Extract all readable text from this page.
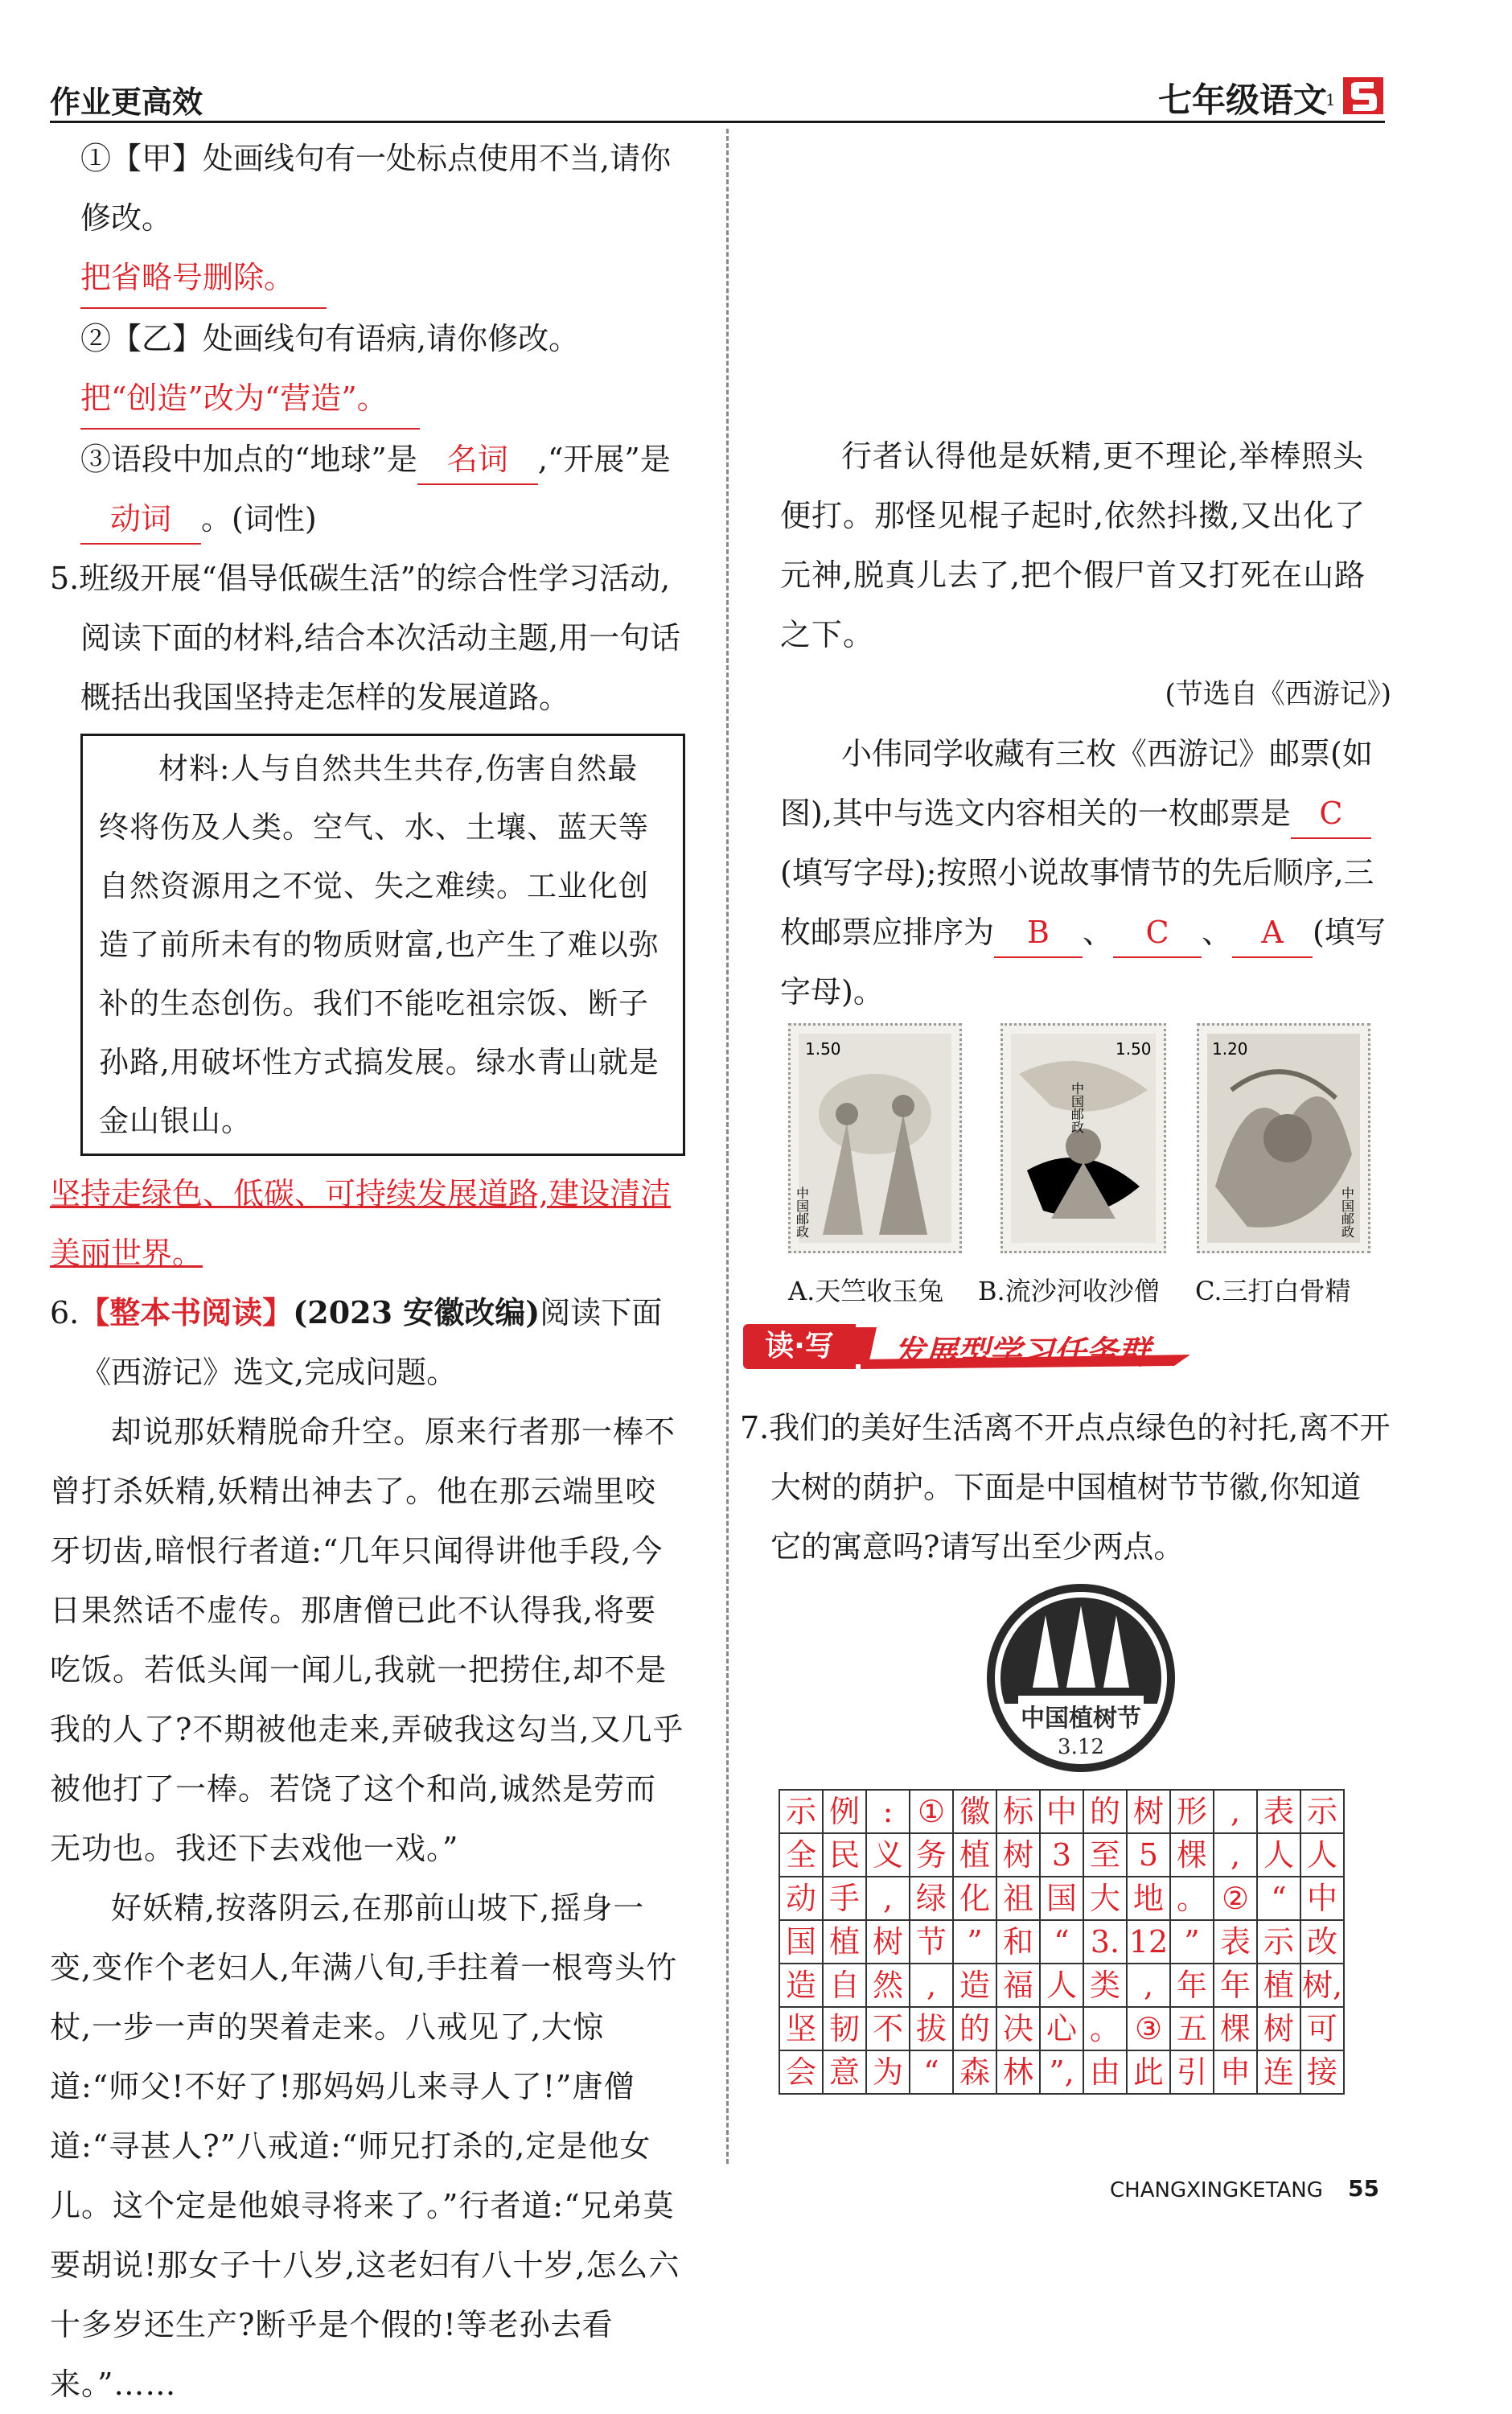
作业更高效	七年级语文
1

①【甲】处画线句有一处标点使用不当,请你修改。

把省略号删除。

②【乙】处画线句有语病,请你修改。

把“创造”改为“营造”。

③语段中加点的“地球”是 名词 ,“开展”是动词 。(词性)

5.班级开展“倡导低碳生活”的综合性学习活动,阅读下面的材料,结合本次活动主题,用一句话概括出我国坚持走怎样的发展道路。

材料:人与自然共生共存,伤害自然最终将伤及人类。空气、水、土壤、蓝天等自然资源用之不觉、失之难续。工业化创造了前所未有的物质财富,也产生了难以弥补的生态创伤。我们不能吃祖宗饭、断子孙路,用破坏性方式搞发展。绿水青山就是金山银山。

坚持走绿色、低碳、可持续发展道路,建设清洁美丽世界。

6.【整本书阅读】(2023 安徽改编)阅读下面《西游记》选文,完成问题。

却说那妖精脱命升空。原来行者那一棒不曾打杀妖精,妖精出神去了。他在那云端里咬牙切齿,暗恨行者道:“几年只闻得讲他手段,今日果然话不虚传。那唐僧已此不认得我,将要吃饭。若低头闻一闻儿,我就一把捞住,却不是我的人了?不期被他走来,弄破我这勾当,又几乎被他打了一棒。若饶了这个和尚,诚然是劳而无功也。我还下去戏他一戏。”

好妖精,按落阴云,在那前山坡下,摇身一变,变作个老妇人,年满八旬,手拄着一根弯头竹杖,一步一声的哭着走来。八戒见了,大惊道:“师父!不好了!那妈妈儿来寻人了!”唐僧道:“寻甚人?”八戒道:“师兄打杀的,定是他女儿。这个定是他娘寻将来了。”行者道:“兄弟莫要胡说!那女子十八岁,这老妇有八十岁,怎么六十多岁还生产?断乎是个假的!等老孙去看来。”……

行者认得他是妖精,更不理论,举棒照头便打。那怪见棍子起时,依然抖擞,又出化了元神,脱真儿去了,把个假尸首又打死在山路之下。

(节选自《西游记》)

小伟同学收藏有三枚《西游记》邮票(如图),其中与选文内容相关的一枚邮票是 C(填写字母);按照小说故事情节的先后顺序,三枚邮票应排序为 B 、 C 、 A (填写字母)。

1.50
中国邮政
1.50
中国邮政
1.20
中国邮政
A.天竺收玉兔 B.流沙河收沙僧 C.三打白骨精
读·写	发展型学习任务群

7.我们的美好生活离不开点点绿色的衬托,离不开大树的荫护。下面是中国植树节节徽,你知道它的寓意吗?请写出至少两点。

中国植树节
3.12
示	例	:	①	徽	标	中	的	树	形	,	表	示
全	民	义	务	植	树	3	至	5	棵	,	人	人
动	手	,	绿	化	祖	国	大	地	。	②	“	中
国	植	树	节	”	和	“	3.	12	”	表	示	改
造	自	然	,	造	福	人	类	,	年	年	植	树,
坚	韧	不	拔	的	决	心	。	③	五	棵	树	可
会	意	为	“	森	林	”,	由	此	引	申	连	接
CHANGXINGKETANG 55
